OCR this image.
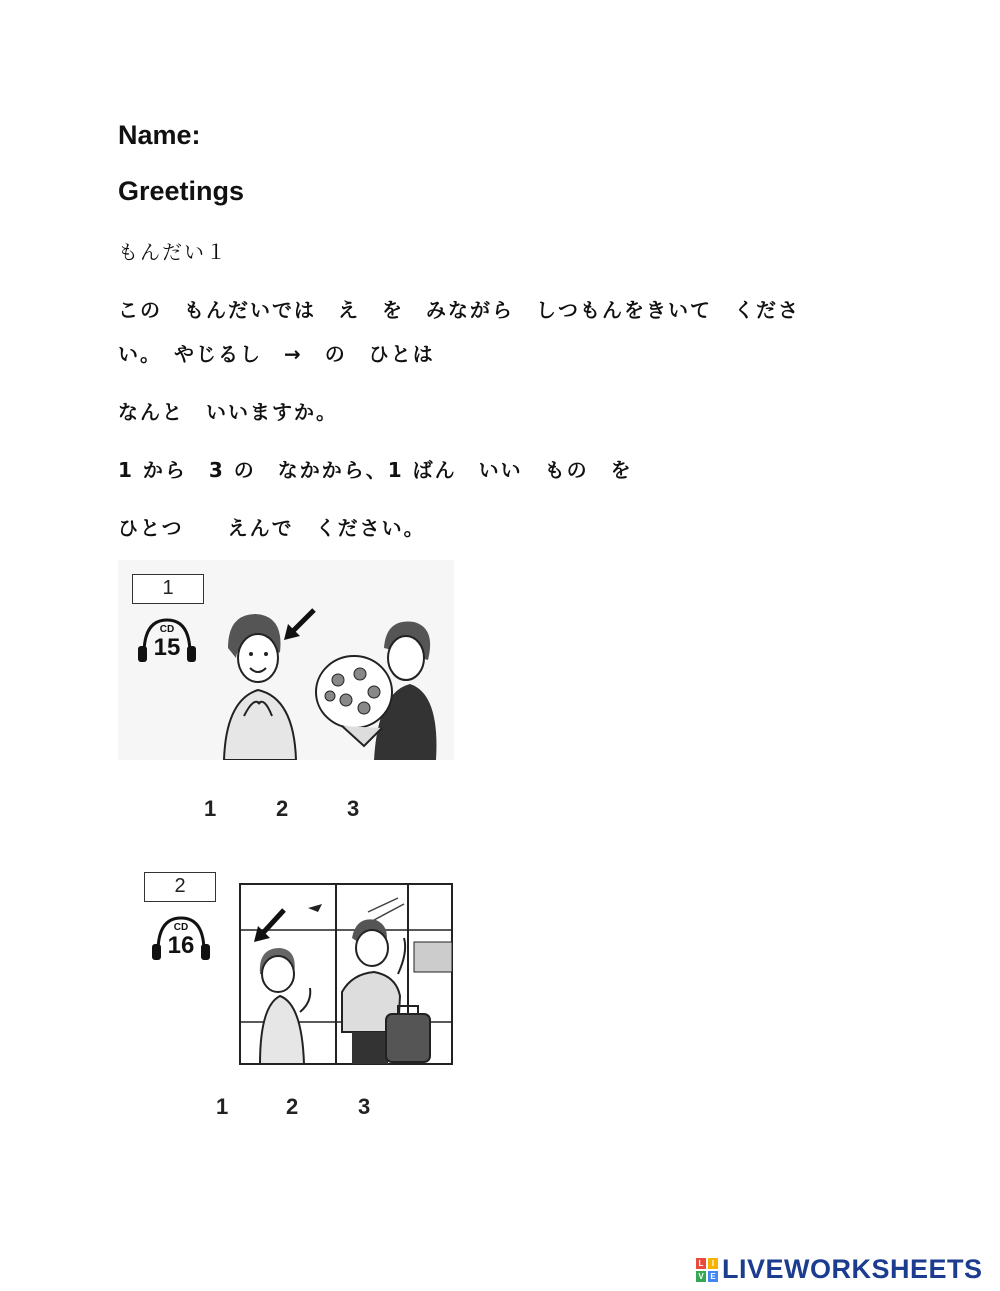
Name:
Greetings
もんだい１
この　もんだいでは　え　を　みながら　しつもんをきいて　くださ
い。　やじるし　→　の　ひとは
なんと　いいますか。
1 から　3 の　なかから、1 ばん　いい　もの　を
ひとつ　　えんで　ください。
1
CD
15
1	2	3
2
CD
16
1	2	3
L	I
V E LIVEWORKSHEETS
